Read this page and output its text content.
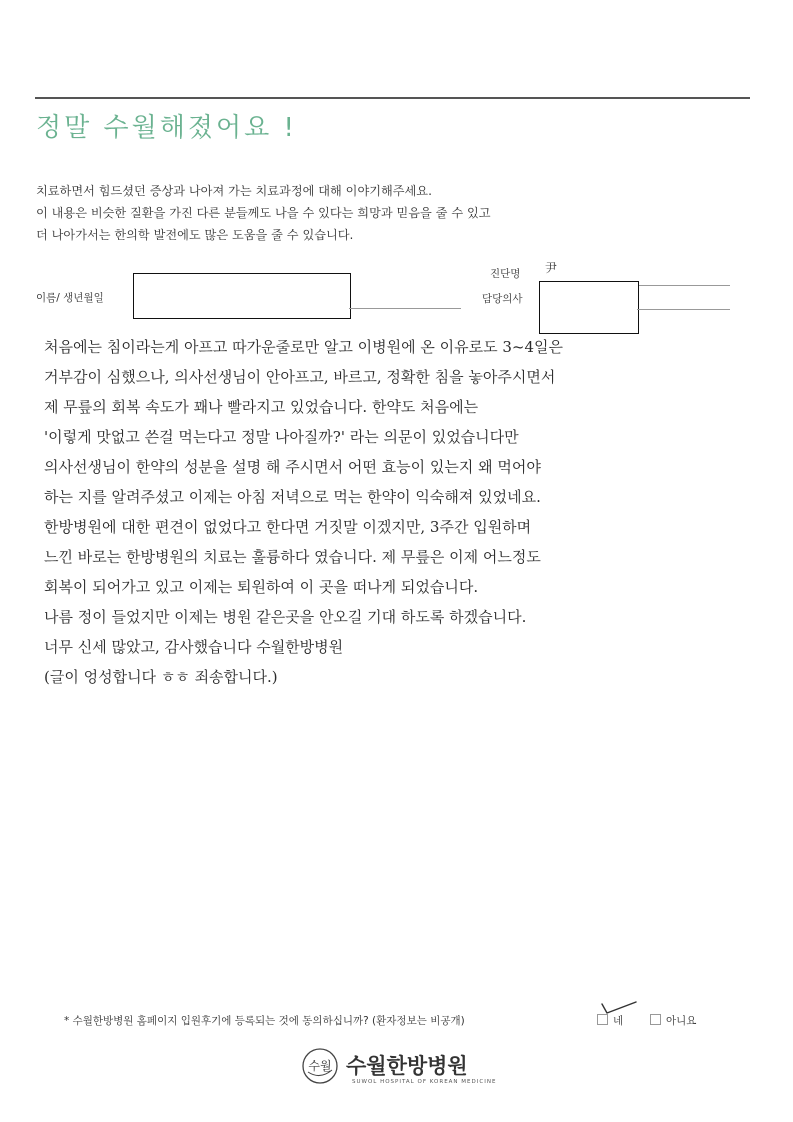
정말 수월해졌어요 !
치료하면서 힘드셨던 증상과 나아져 가는 치료과정에 대해 이야기해주세요.
이 내용은 비슷한 질환을 가진 다른 분들께도 나을 수 있다는 희망과 믿음을 줄 수 있고
더 나아가서는 한의학 발전에도 많은 도움을 줄 수 있습니다.
이름/ 생년월일
진단명 尹
담당의사
처음에는 침이라는게 아프고 따가운줄로만 알고 이병원에 온 이유로도 3~4일은
거부감이 심했으나, 의사선생님이 안아프고, 바르고, 정확한 침을 놓아주시면서
제 무릎의 회복 속도가 꽤나 빨라지고 있었습니다. 한약도 처음에는
'이렇게 맛없고 쓴걸 먹는다고 정말 나아질까?' 라는 의문이 있었습니다만
의사선생님이 한약의 성분을 설명 해 주시면서 어떤 효능이 있는지 왜 먹어야
하는 지를 알려주셨고 이제는 아침 저녁으로 먹는 한약이 익숙해져 있었네요.
한방병원에 대한 편견이 없었다고 한다면 거짓말 이겠지만, 3주간 입원하며
느낀 바로는 한방병원의 치료는 훌륭하다 였습니다. 제 무릎은 이제 어느정도
회복이 되어가고 있고 이제는 퇴원하여 이 곳을 떠나게 되었습니다.
나름 정이 들었지만 이제는 병원 같은곳을 안오길 기대 하도록 하겠습니다.
너무 신세 많았고, 감사했습니다 수월한방병원
(글이 엉성합니다 ㅎㅎ 죄송합니다.)
* 수월한방병원 홈페이지 입원후기에 등록되는 것에 동의하십니까? (환자정보는 비공개)	네	아니요
수월 수월한방병원
SUWOL HOSPITAL OF KOREAN MEDICINE
